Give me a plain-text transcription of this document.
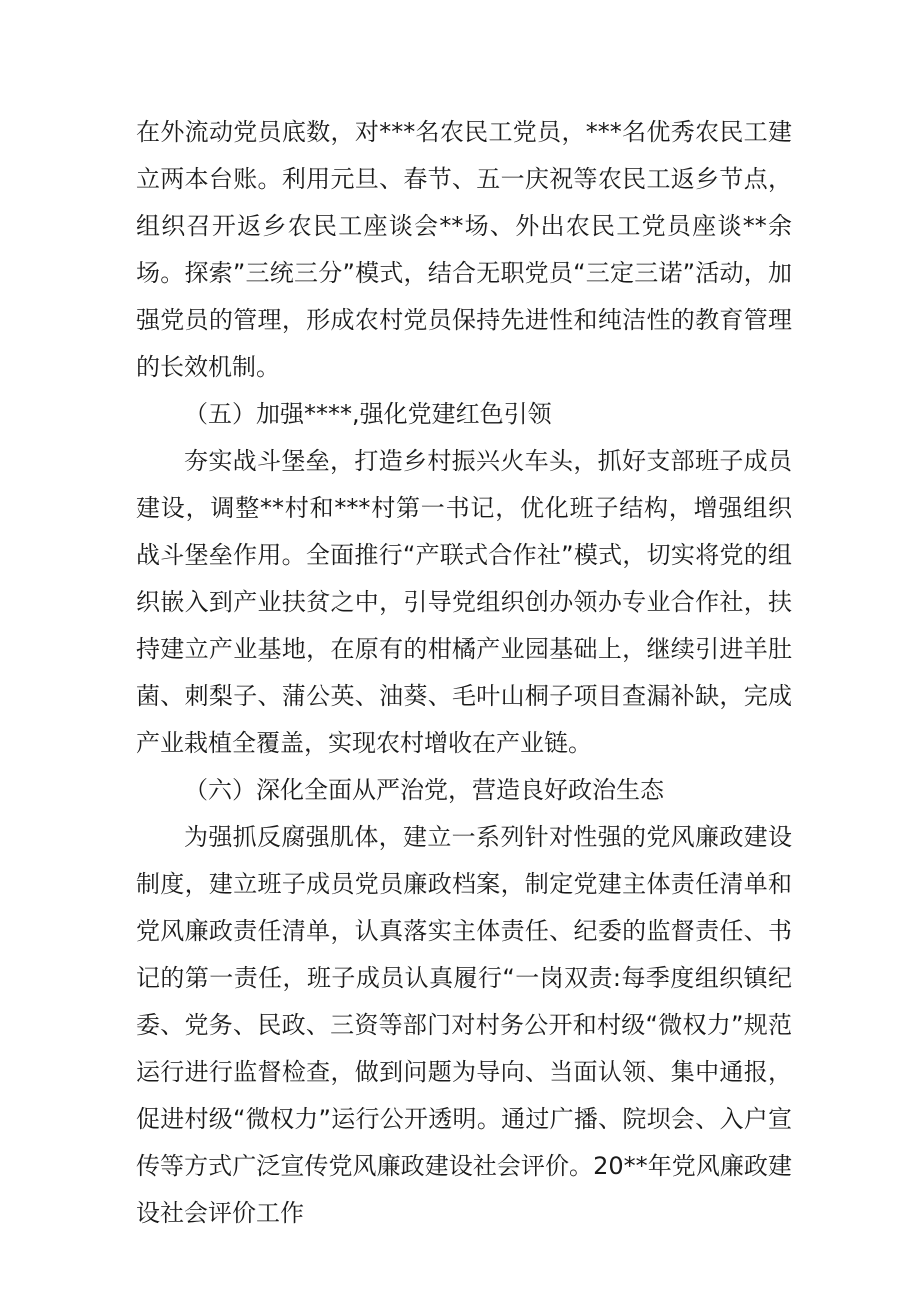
在外流动党员底数，对***名农民工党员，***名优秀农民工建立两本台账。利用元旦、春节、五一庆祝等农民工返乡节点，组织召开返乡农民工座谈会**场、外出农民工党员座谈**余场。探索”三统三分”模式，结合无职党员“三定三诺”活动，加强党员的管理，形成农村党员保持先进性和纯洁性的教育管理的长效机制。

（五）加强****,强化党建红色引领

夯实战斗堡垒，打造乡村振兴火车头，抓好支部班子成员建设，调整**村和***村第一书记，优化班子结构，增强组织战斗堡垒作用。全面推行“产联式合作社”模式，切实将党的组织嵌入到产业扶贫之中，引导党组织创办领办专业合作社，扶持建立产业基地，在原有的柑橘产业园基础上，继续引进羊肚菌、刺梨子、蒲公英、油葵、毛叶山桐子项目查漏补缺，完成产业栽植全覆盖，实现农村增收在产业链。

（六）深化全面从严治党，营造良好政治生态

为强抓反腐强肌体，建立一系列针对性强的党风廉政建设制度，建立班子成员党员廉政档案，制定党建主体责任清单和党风廉政责任清单，认真落实主体责任、纪委的监督责任、书记的第一责任，班子成员认真履行“一岗双责:每季度组织镇纪委、党务、民政、三资等部门对村务公开和村级“微权力”规范运行进行监督检查，做到问题为导向、当面认领、集中通报，促进村级“微权力”运行公开透明。通过广播、院坝会、入户宣传等方式广泛宣传党风廉政建设社会评价。20**年党风廉政建设社会评价工作
